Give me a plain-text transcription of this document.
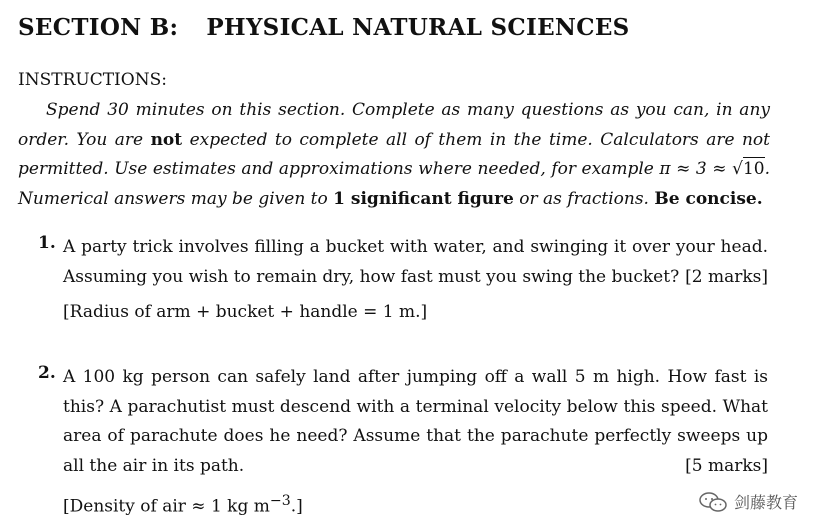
SECTION B: PHYSICAL NATURAL SCIENCES
INSTRUCTIONS:

Spend 30 minutes on this section. Complete as many questions as you can, in any order. You are not expected to complete all of them in the time. Calculators are not permitted. Use estimates and approximations where needed, for example π ≈ 3 ≈ √10. Numerical answers may be given to 1 significant figure or as fractions. Be concise.

1. A party trick involves filling a bucket with water, and swinging it over your head. Assuming you wish to remain dry, how fast must you swing the bucket? [2 marks]
[Radius of arm + bucket + handle = 1 m.]
2. A 100 kg person can safely land after jumping off a wall 5 m high. How fast is this? A parachutist must descend with a terminal velocity below this speed. What area of parachute does he need? Assume that the parachute perfectly sweeps up all the air in its path.	[5 marks]
[Density of air ≈ 1 kg $m^{-3}$.]	剑藤教育
